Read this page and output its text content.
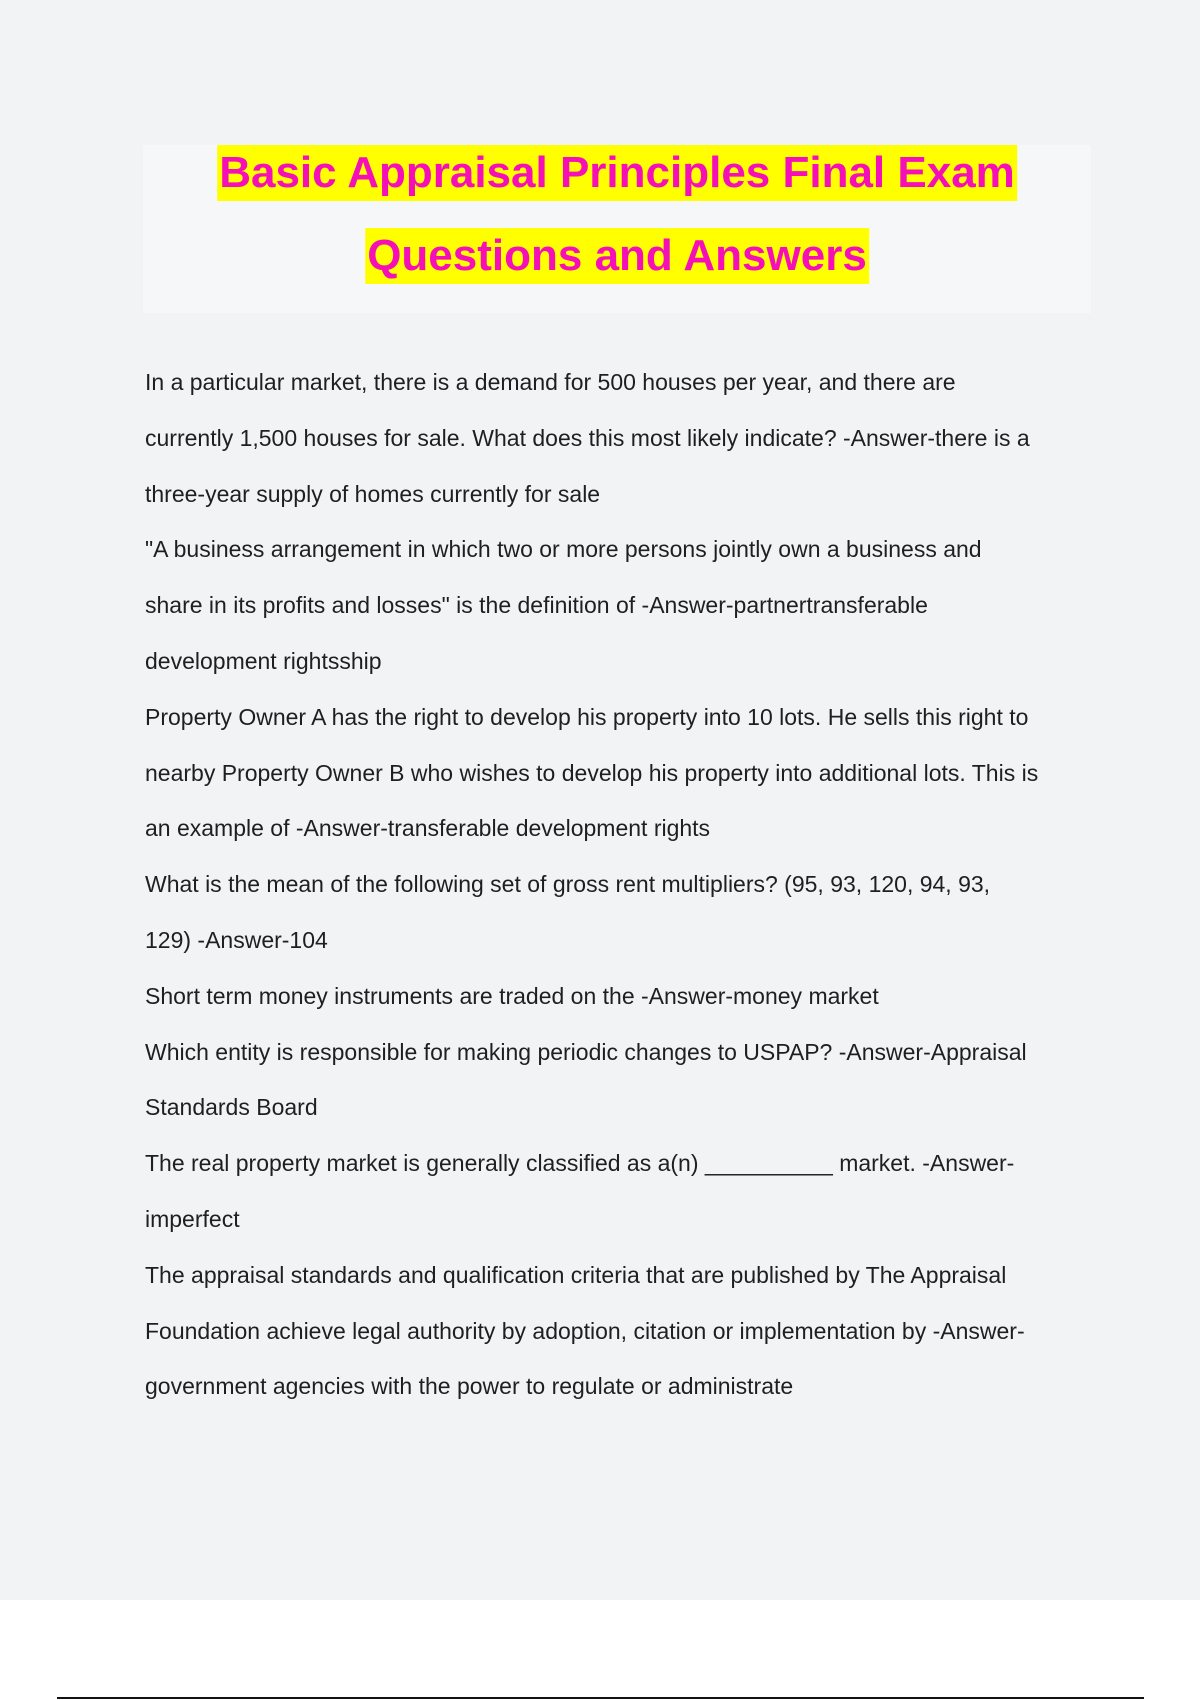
Basic Appraisal Principles Final Exam
Questions and Answers
In a particular market, there is a demand for 500 houses per year, and there are
currently 1,500 houses for sale. What does this most likely indicate? -Answer-there is a
three-year supply of homes currently for sale
"A business arrangement in which two or more persons jointly own a business and
share in its profits and losses" is the definition of -Answer-partnertransferable
development rightsship
Property Owner A has the right to develop his property into 10 lots. He sells this right to
nearby Property Owner B who wishes to develop his property into additional lots. This is
an example of -Answer-transferable development rights
What is the mean of the following set of gross rent multipliers? (95, 93, 120, 94, 93,
129) -Answer-104
Short term money instruments are traded on the -Answer-money market
Which entity is responsible for making periodic changes to USPAP? -Answer-Appraisal
Standards Board
The real property market is generally classified as a(n) __________ market. -Answer-
imperfect
The appraisal standards and qualification criteria that are published by The Appraisal
Foundation achieve legal authority by adoption, citation or implementation by -Answer-
government agencies with the power to regulate or administrate
